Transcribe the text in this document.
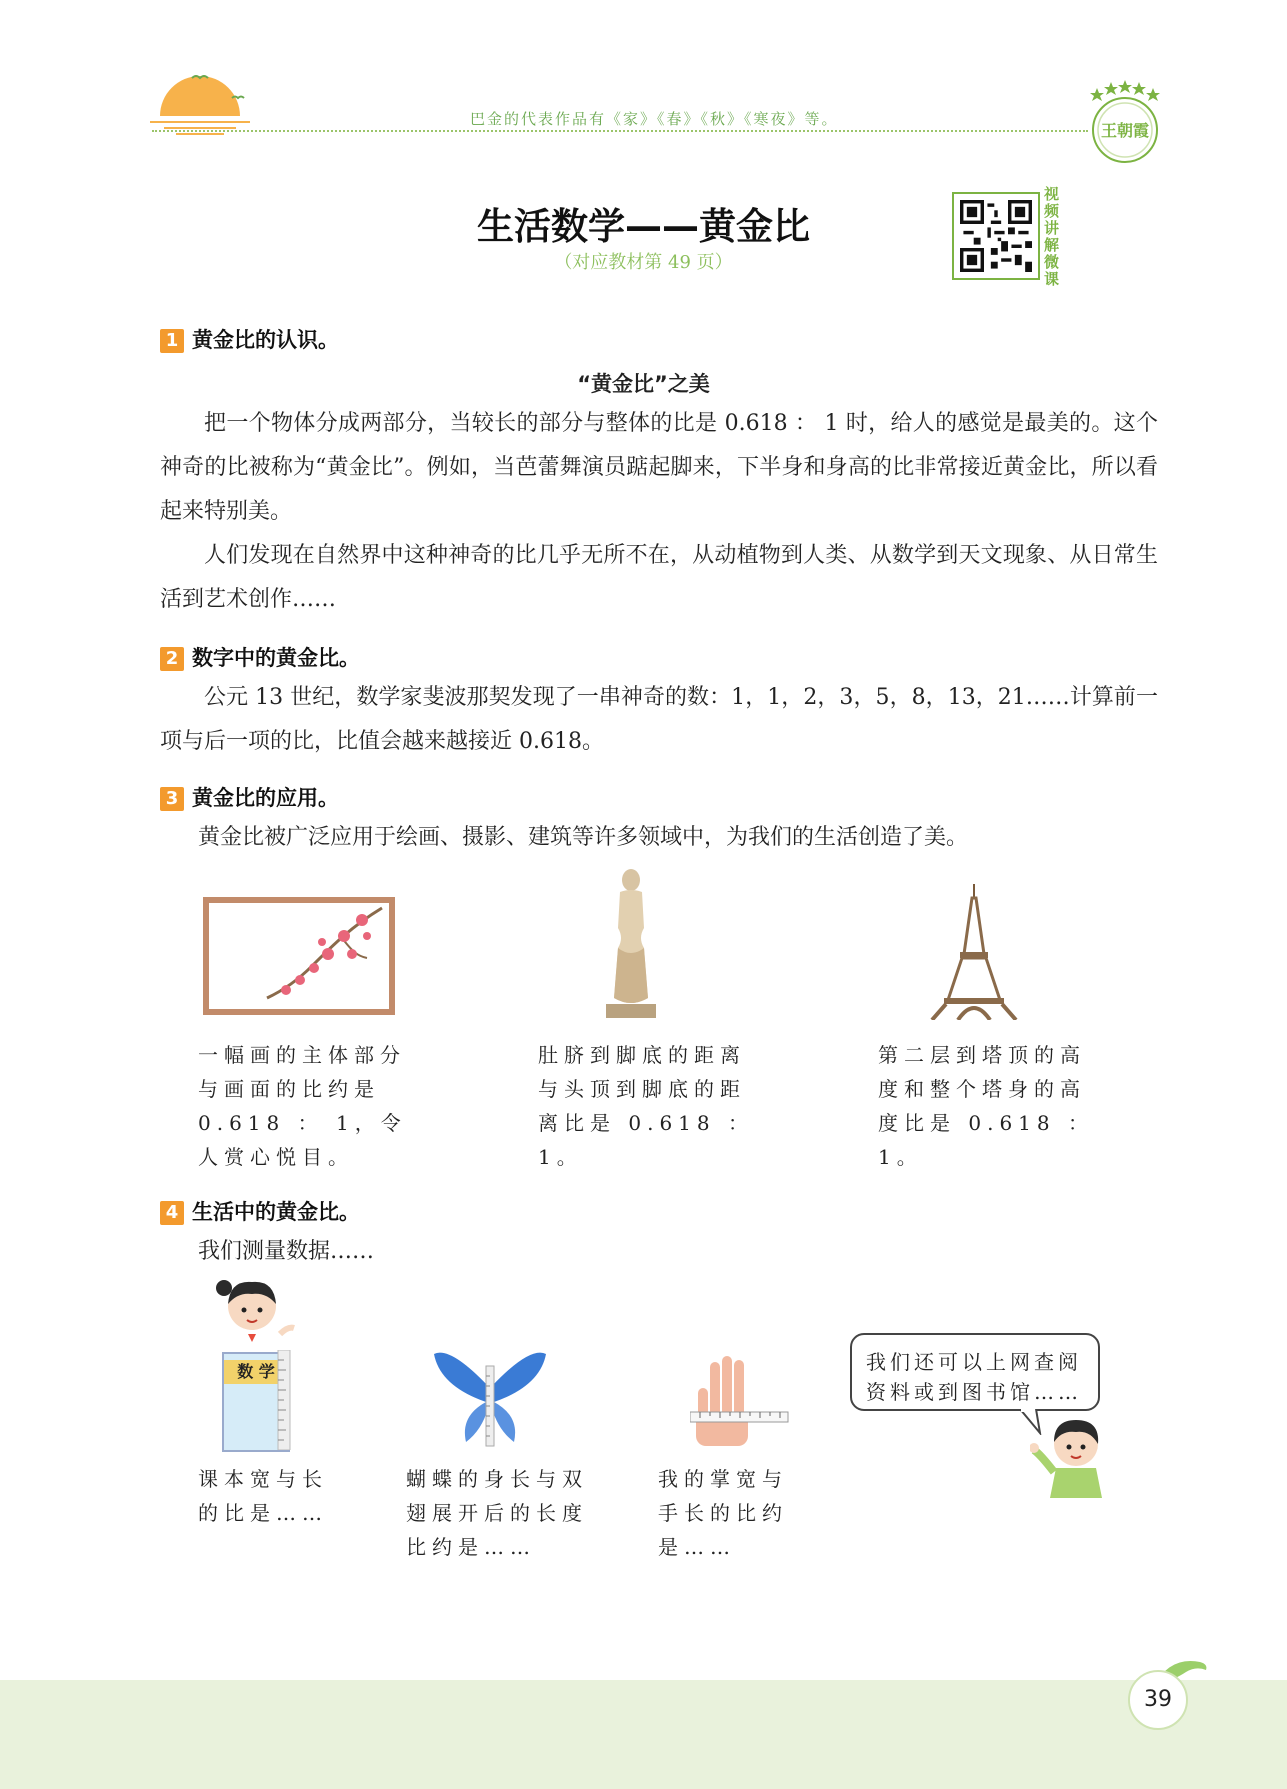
巴金的代表作品有《家》《春》《秋》《寒夜》等。
王朝霞
生活数学——黄金比
（对应教材第 49 页）
视频讲解微课
1 黄金比的认识。
“黄金比”之美
把一个物体分成两部分，当较长的部分与整体的比是 0.618 ： 1 时，给人的感觉是最美的。这个神奇的比被称为“黄金比”。例如，当芭蕾舞演员踮起脚来，下半身和身高的比非常接近黄金比，所以看起来特别美。
人们发现在自然界中这种神奇的比几乎无所不在，从动植物到人类、从数学到天文现象、从日常生活到艺术创作……
2 数字中的黄金比。
公元 13 世纪，数学家斐波那契发现了一串神奇的数：1，1，2，3，5，8，13，21……计算前一项与后一项的比，比值会越来越接近 0.618。
3 黄金比的应用。
黄金比被广泛应用于绘画、摄影、建筑等许多领域中，为我们的生活创造了美。
一幅画的主体部分与画面的比约是 0.618 ： 1，令人赏心悦目。
肚脐到脚底的距离与头顶到脚底的距离比是 0.618 ： 1。
第二层到塔顶的高度和整个塔身的高度比是 0.618 ： 1。
4 生活中的黄金比。
我们测量数据……
数 学
课本宽与长的比是……
蝴蝶的身长与双翅展开后的长度比约是……
我的掌宽与手长的比约是……
我们还可以上网查阅资料或到图书馆……
39
